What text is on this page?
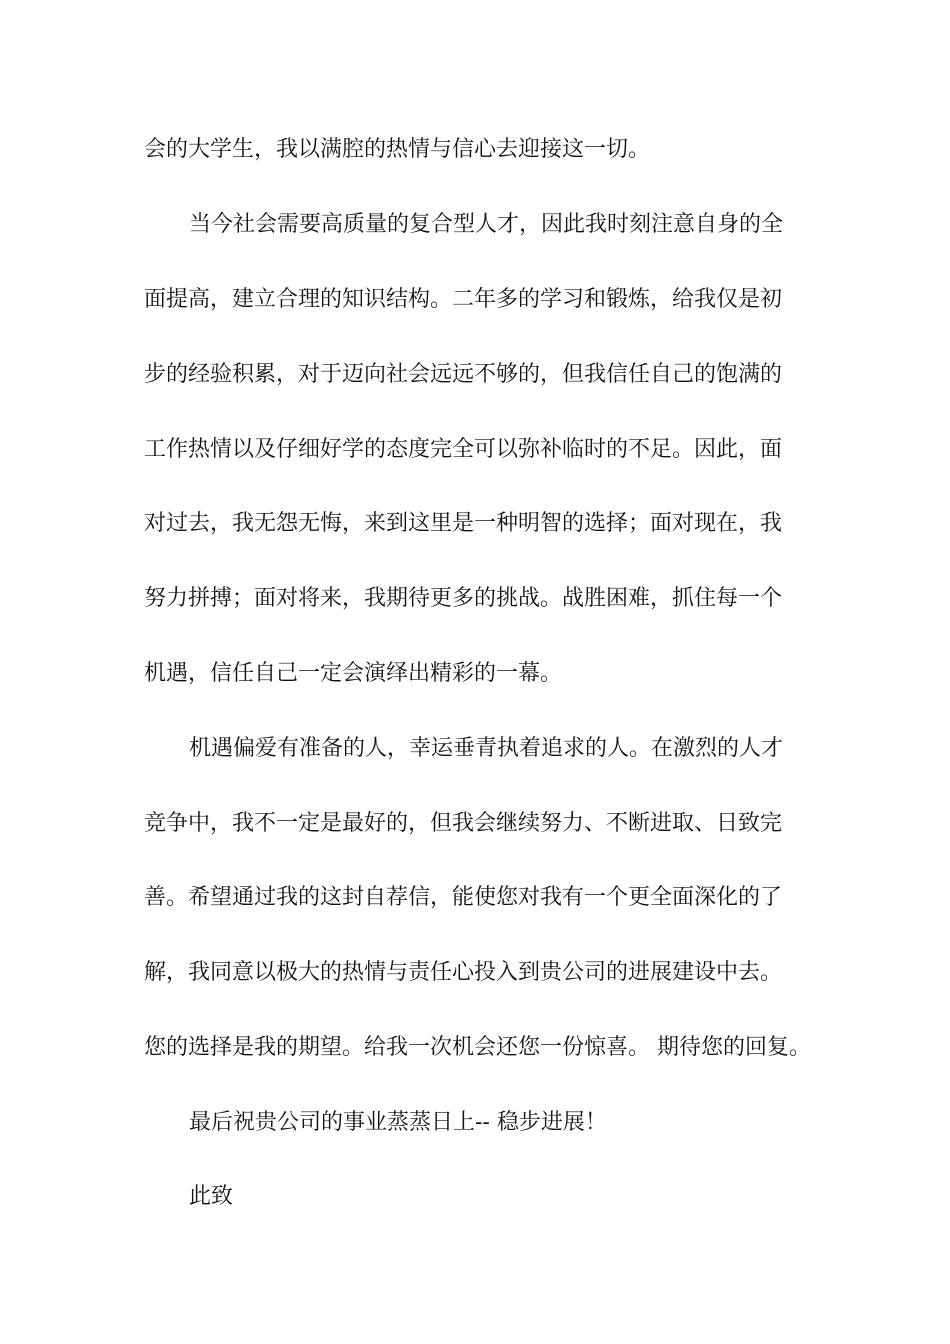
会的大学生，我以满腔的热情与信心去迎接这一切。
当今社会需要高质量的复合型人才，因此我时刻注意自身的全
面提高，建立合理的知识结构。二年多的学习和锻炼，给我仅是初
步的经验积累，对于迈向社会远远不够的，但我信任自己的饱满的
工作热情以及仔细好学的态度完全可以弥补临时的不足。因此，面
对过去，我无怨无悔，来到这里是一种明智的选择；面对现在，我
努力拼搏；面对将来，我期待更多的挑战。战胜困难，抓住每一个
机遇，信任自己一定会演绎出精彩的一幕。
机遇偏爱有准备的人，幸运垂青执着追求的人。在激烈的人才
竞争中，我不一定是最好的，但我会继续努力、不断进取、日致完
善。希望通过我的这封自荐信，能使您对我有一个更全面深化的了
解，我同意以极大的热情与责任心投入到贵公司的进展建设中去。
您的选择是我的期望。给我一次机会还您一份惊喜。 期待您的回复。
最后祝贵公司的事业蒸蒸日上-- 稳步进展！
此致
